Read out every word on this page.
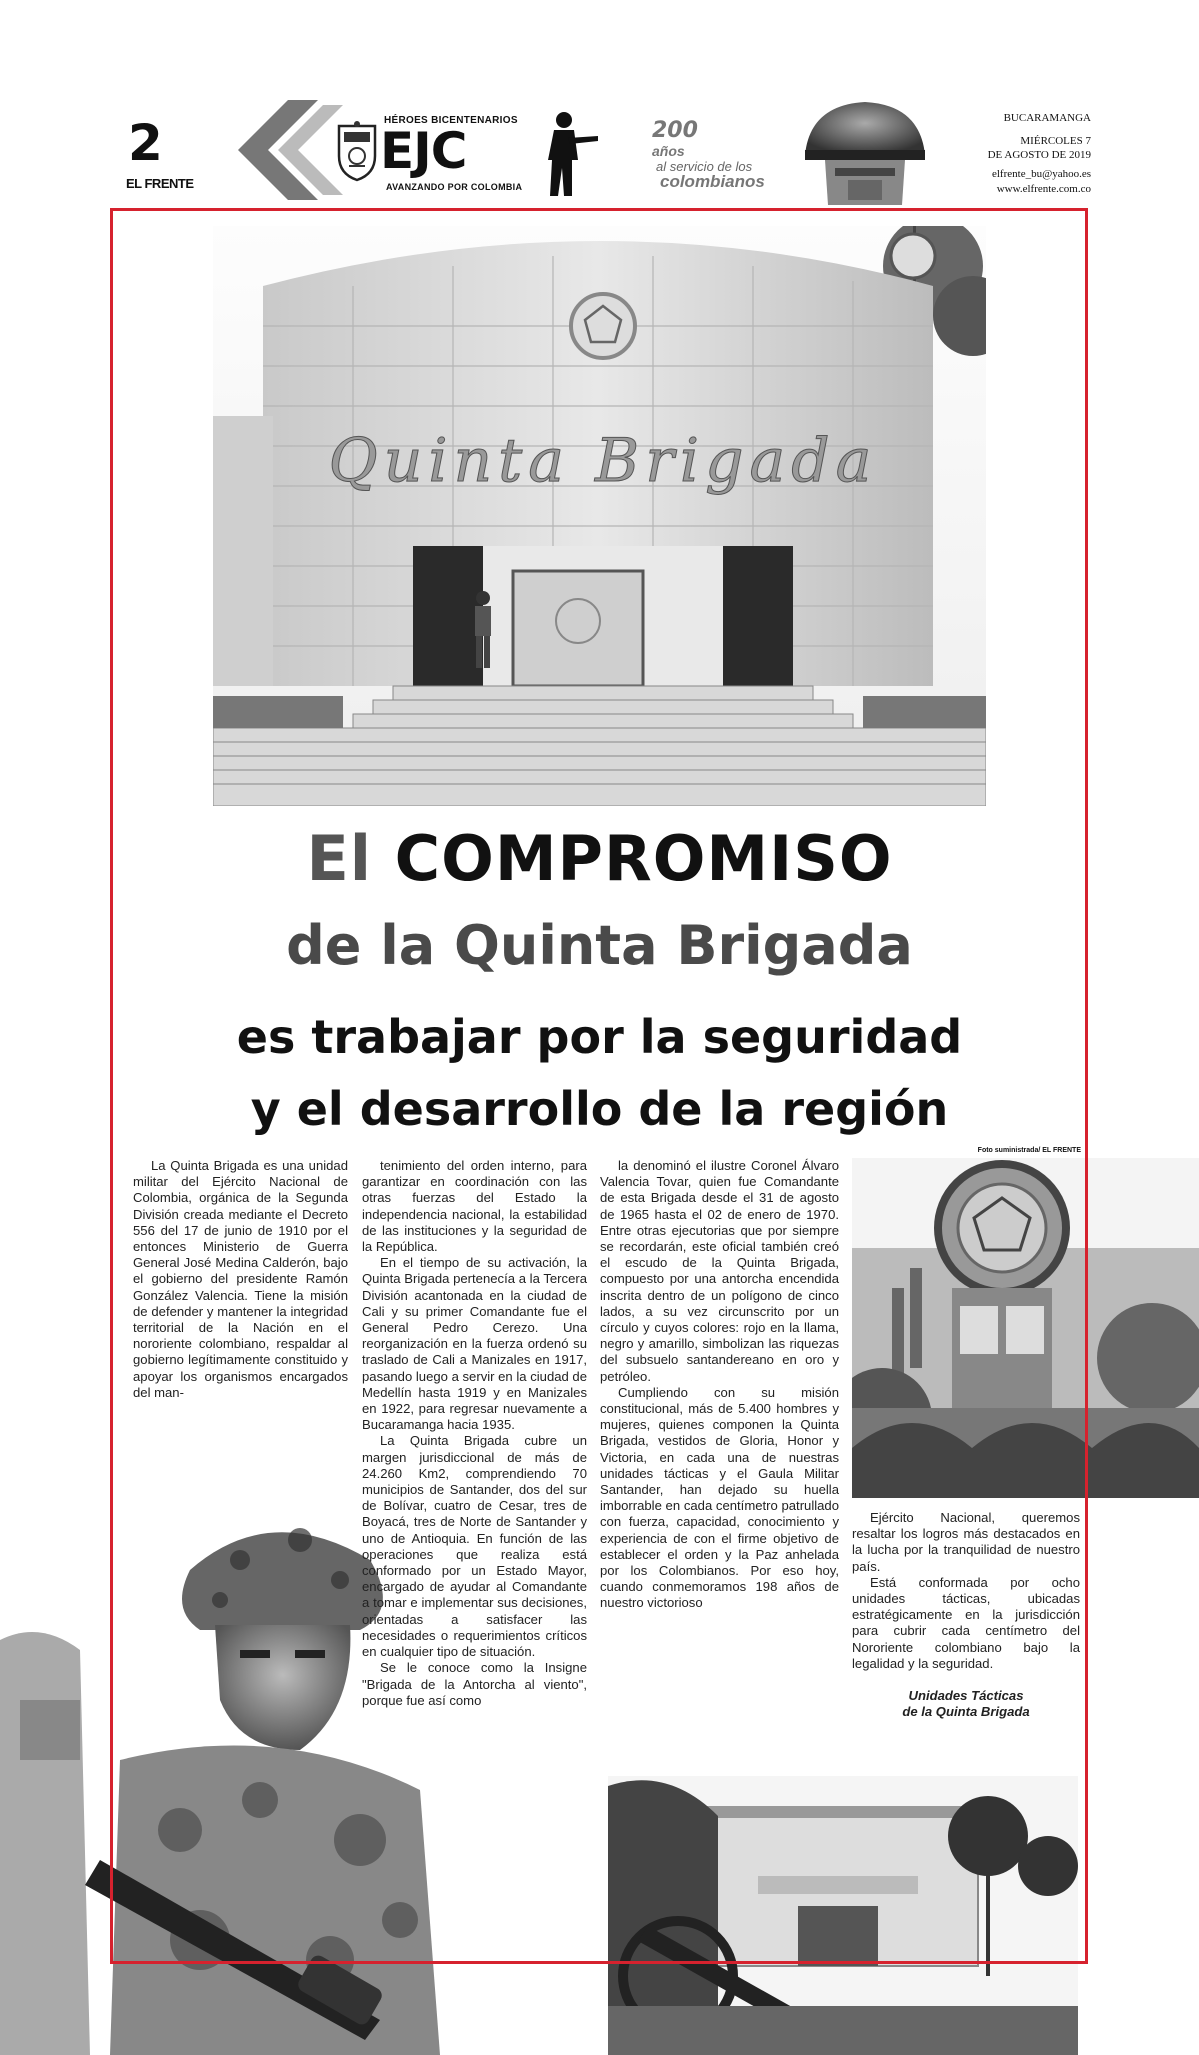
2
EL FRENTE
HÉROES BICENTENARIOS
EJC
AVANZANDO POR COLOMBIA
200
años
al servicio de los
colombianos
BUCARAMANGA
MIÉRCOLES 7
DE AGOSTO DE 2019
elfrente_bu@yahoo.es
www.elfrente.com.co
Quinta Brigada
El COMPROMISO
de la Quinta Brigada
es trabajar por la seguridad
y el desarrollo de la región
Foto suministrada/ EL FRENTE

La Quinta Brigada es una unidad militar del Ejército Nacional de Colombia, orgánica de la Segunda División creada mediante el Decreto 556 del 17 de junio de 1910 por el entonces Ministerio de Guerra General José Medina Calderón, bajo el gobierno del presidente Ramón González Valencia. Tiene la misión de defender y mantener la integridad territorial de la Nación en el nororiente colombiano, respaldar al gobierno legítimamente constituido y apoyar los organismos encargados del man-

tenimiento del orden interno, para garantizar en coordinación con las otras fuerzas del Estado la independencia nacional, la estabilidad de las instituciones y la seguridad de la República.

En el tiempo de su activación, la Quinta Brigada pertenecía a la Tercera División acantonada en la ciudad de Cali y su primer Comandante fue el General Pedro Cerezo. Una reorganización en la fuerza ordenó su traslado de Cali a Manizales en 1917, pasando luego a servir en la ciudad de Medellín hasta 1919 y en Manizales en 1922, para regresar nuevamente a Bucaramanga hacia 1935.

La Quinta Brigada cubre un margen jurisdiccional de más de 24.260 Km2, comprendiendo 70 municipios de Santander, dos del sur de Bolívar, cuatro de Cesar, tres de Boyacá, tres de Norte de Santander y uno de Antioquia. En función de las operaciones que realiza está conformado por un Estado Mayor, encargado de ayudar al Comandante a tomar e implementar sus decisiones, orientadas a satisfacer las necesidades o requerimientos críticos en cualquier tipo de situación.

Se le conoce como la Insigne "Brigada de la Antorcha al viento", porque fue así como

la denominó el ilustre Coronel Álvaro Valencia Tovar, quien fue Comandante de esta Brigada desde el 31 de agosto de 1965 hasta el 02 de enero de 1970. Entre otras ejecutorias que por siempre se recordarán, este oficial también creó el escudo de la Quinta Brigada, compuesto por una antorcha encendida inscrita dentro de un polígono de cinco lados, a su vez circunscrito por un círculo y cuyos colores: rojo en la llama, negro y amarillo, simbolizan las riquezas del subsuelo santandereano en oro y petróleo.

Cumpliendo con su misión constitucional, más de 5.400 hombres y mujeres, quienes componen la Quinta Brigada, vestidos de Gloria, Honor y Victoria, en cada una de nuestras unidades tácticas y el Gaula Militar Santander, han dejado su huella imborrable en cada centímetro patrullado con fuerza, capacidad, conocimiento y experiencia de con el firme objetivo de establecer el orden y la Paz anhelada por los Colombianos. Por eso hoy, cuando conmemoramos 198 años de nuestro victorioso

Ejército Nacional, queremos resaltar los logros más destacados en la lucha por la tranquilidad de nuestro país.

Está conformada por ocho unidades tácticas, ubicadas estratégicamente en la jurisdicción para cubrir cada centímetro del Nororiente colombiano bajo la legalidad y la seguridad.

Unidades Tácticas
de la Quinta Brigada
